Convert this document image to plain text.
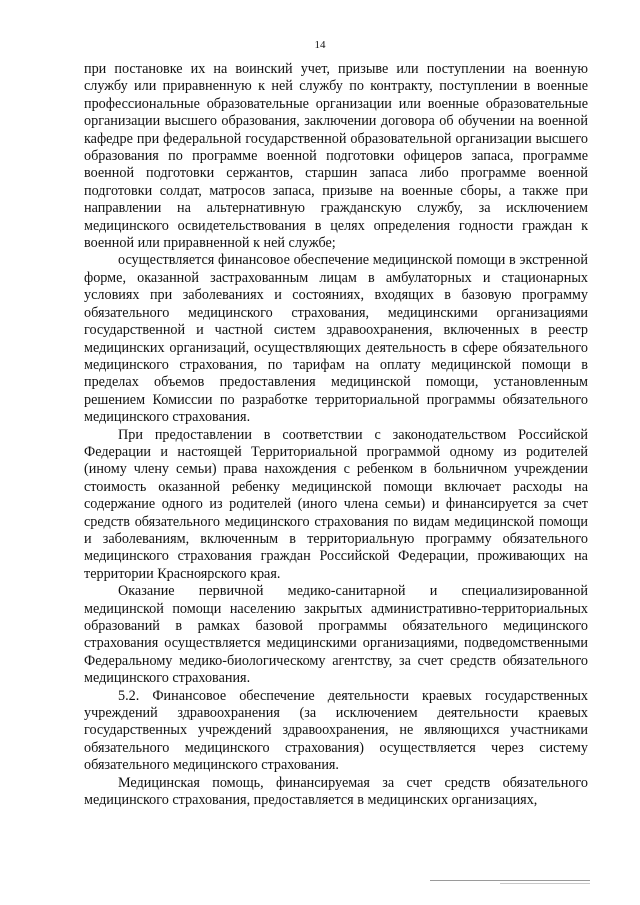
14

при постановке их на воинский учет, призыве или поступлении на военную службу или приравненную к ней службу по контракту, поступлении в военные профессиональные образовательные организации или военные образовательные организации высшего образования, заключении договора об обучении на военной кафедре при федеральной государственной образовательной организации высшего образования по программе военной подготовки офицеров запаса, программе военной подготовки сержантов, старшин запаса либо программе военной подготовки солдат, матросов запаса, призыве на военные сборы, а также при направлении на альтернативную гражданскую службу, за исключением медицинского освидетельствования в целях определения годности граждан к военной или приравненной к ней службе;

осуществляется финансовое обеспечение медицинской помощи в экстренной форме, оказанной застрахованным лицам в амбулаторных и стационарных условиях при заболеваниях и состояниях, входящих в базовую программу обязательного медицинского страхования, медицинскими организациями государственной и частной систем здравоохранения, включенных в реестр медицинских организаций, осуществляющих деятельность в сфере обязательного медицинского страхования, по тарифам на оплату медицинской помощи в пределах объемов предоставления медицинской помощи, установленным решением Комиссии по разработке территориальной программы обязательного медицинского страхования.

При предоставлении в соответствии с законодательством Российской Федерации и настоящей Территориальной программой одному из родителей (иному члену семьи) права нахождения с ребенком в больничном учреждении стоимость оказанной ребенку медицинской помощи включает расходы на содержание одного из родителей (иного члена семьи) и финансируется за счет средств обязательного медицинского страхования по видам медицинской помощи и заболеваниям, включенным в территориальную программу обязательного медицинского страхования граждан Российской Федерации, проживающих на территории Красноярского края.

Оказание первичной медико-санитарной и специализированной медицинской помощи населению закрытых административно-территориальных образований в рамках базовой программы обязательного медицинского страхования осуществляется медицинскими организациями, подведомственными Федеральному медико-биологическому агентству, за счет средств обязательного медицинского страхования.

5.2. Финансовое обеспечение деятельности краевых государственных учреждений здравоохранения (за исключением деятельности краевых государственных учреждений здравоохранения, не являющихся участниками обязательного медицинского страхования) осуществляется через систему обязательного медицинского страхования.

Медицинская помощь, финансируемая за счет средств обязательного медицинского страхования, предоставляется в медицинских организациях,
